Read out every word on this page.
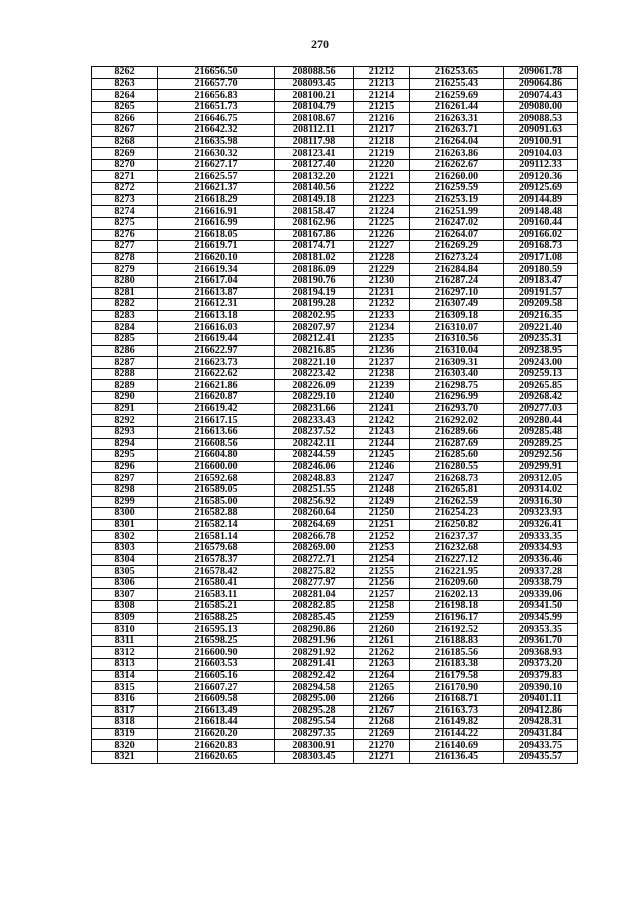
270
8262	216656.50	208088.56	21212	216253.65	209061.78
8263	216657.70	208093.45	21213	216255.43	209064.86
8264	216656.83	208100.21	21214	216259.69	209074.43
8265	216651.73	208104.79	21215	216261.44	209080.00
8266	216646.75	208108.67	21216	216263.31	209088.53
8267	216642.32	208112.11	21217	216263.71	209091.63
8268	216635.98	208117.98	21218	216264.04	209100.91
8269	216630.32	208123.41	21219	216263.86	209104.03
8270	216627.17	208127.40	21220	216262.67	209112.33
8271	216625.57	208132.20	21221	216260.00	209120.36
8272	216621.37	208140.56	21222	216259.59	209125.69
8273	216618.29	208149.18	21223	216253.19	209144.89
8274	216616.91	208158.47	21224	216251.99	209148.48
8275	216616.99	208162.96	21225	216247.02	209160.44
8276	216618.05	208167.86	21226	216264.07	209166.02
8277	216619.71	208174.71	21227	216269.29	209168.73
8278	216620.10	208181.02	21228	216273.24	209171.08
8279	216619.34	208186.09	21229	216284.84	209180.59
8280	216617.04	208190.76	21230	216287.24	209183.47
8281	216613.87	208194.19	21231	216297.10	209191.57
8282	216612.31	208199.28	21232	216307.49	209209.58
8283	216613.18	208202.95	21233	216309.18	209216.35
8284	216616.03	208207.97	21234	216310.07	209221.40
8285	216619.44	208212.41	21235	216310.56	209235.31
8286	216622.97	208216.85	21236	216310.04	209238.95
8287	216623.73	208221.10	21237	216309.31	209243.00
8288	216622.62	208223.42	21238	216303.40	209259.13
8289	216621.86	208226.09	21239	216298.75	209265.85
8290	216620.87	208229.10	21240	216296.99	209268.42
8291	216619.42	208231.66	21241	216293.70	209277.03
8292	216617.15	208233.43	21242	216292.02	209280.44
8293	216613.66	208237.52	21243	216289.66	209285.48
8294	216608.56	208242.11	21244	216287.69	209289.25
8295	216604.80	208244.59	21245	216285.60	209292.56
8296	216600.00	208246.06	21246	216280.55	209299.91
8297	216592.68	208248.83	21247	216268.73	209312.05
8298	216589.05	208251.55	21248	216265.81	209314.02
8299	216585.00	208256.92	21249	216262.59	209316.30
8300	216582.88	208260.64	21250	216254.23	209323.93
8301	216582.14	208264.69	21251	216250.82	209326.41
8302	216581.14	208266.78	21252	216237.37	209333.35
8303	216579.68	208269.00	21253	216232.68	209334.93
8304	216578.37	208272.71	21254	216227.12	209336.46
8305	216578.42	208275.82	21255	216221.95	209337.28
8306	216580.41	208277.97	21256	216209.60	209338.79
8307	216583.11	208281.04	21257	216202.13	209339.06
8308	216585.21	208282.85	21258	216198.18	209341.50
8309	216588.25	208285.45	21259	216196.17	209345.99
8310	216595.13	208290.86	21260	216192.52	209353.35
8311	216598.25	208291.96	21261	216188.83	209361.70
8312	216600.90	208291.92	21262	216185.56	209368.93
8313	216603.53	208291.41	21263	216183.38	209373.20
8314	216605.16	208292.42	21264	216179.58	209379.83
8315	216607.27	208294.58	21265	216170.90	209390.10
8316	216609.58	208295.00	21266	216168.71	209401.11
8317	216613.49	208295.28	21267	216163.73	209412.86
8318	216618.44	208295.54	21268	216149.82	209428.31
8319	216620.20	208297.35	21269	216144.22	209431.84
8320	216620.83	208300.91	21270	216140.69	209433.75
8321	216620.65	208303.45	21271	216136.45	209435.57
